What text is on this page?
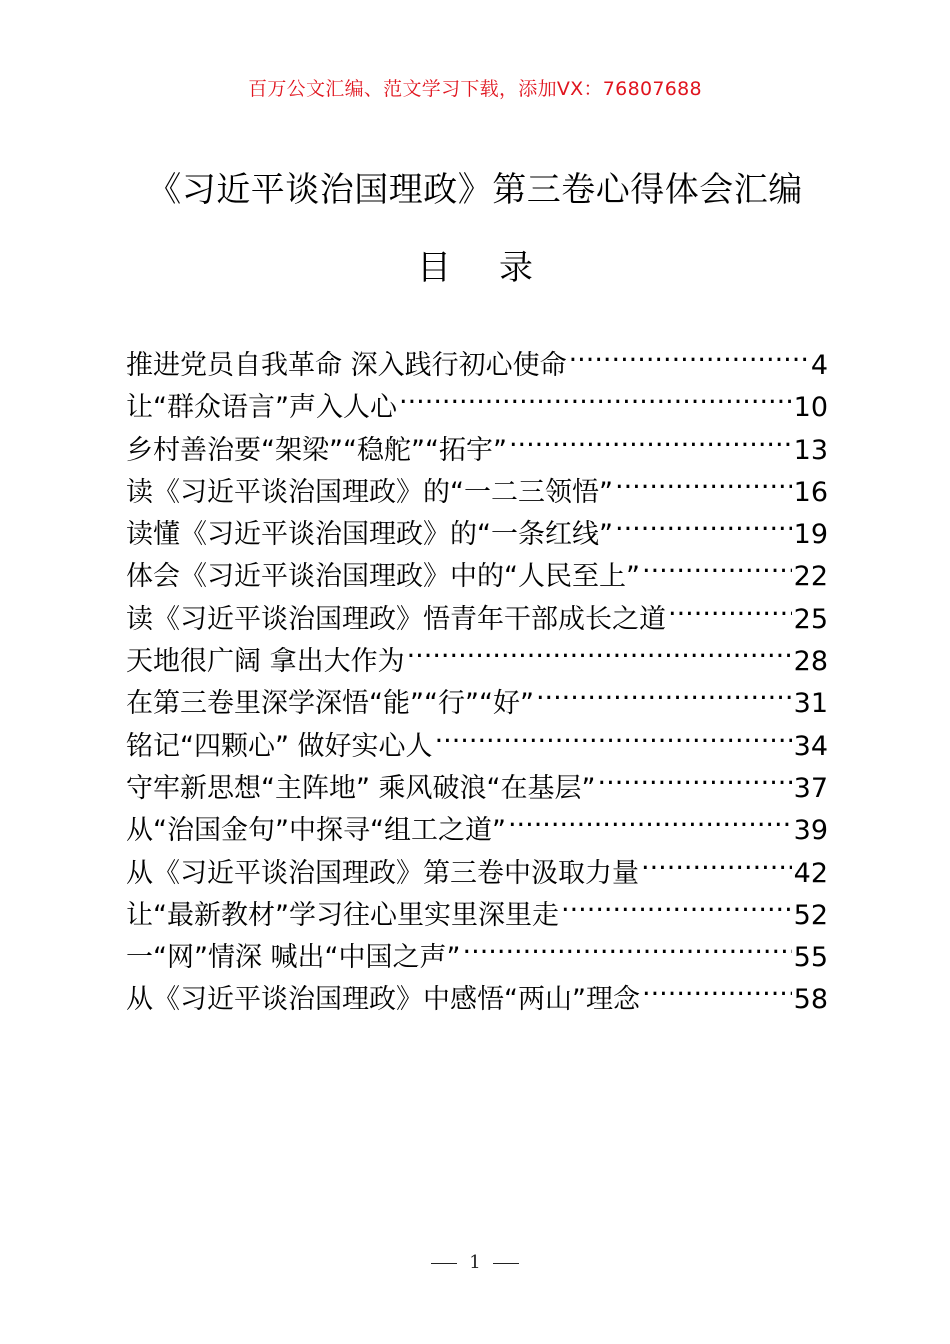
百万公文汇编、范文学习下载，添加VX：76807688
《习近平谈治国理政》第三卷心得体会汇编
目 录
推进党员自我革命 深入践行初心使命 .....	4
让“群众语言”声入人心 .....	10
乡村善治要“架梁”“稳舵”“拓宇” .....	13
读《习近平谈治国理政》的“一二三领悟” .....	16
读懂《习近平谈治国理政》的“一条红线” .....	19
体会《习近平谈治国理政》中的“人民至上” .....	22
读《习近平谈治国理政》悟青年干部成长之道 .....	25
天地很广阔 拿出大作为 .....	28
在第三卷里深学深悟“能”“行”“好” .....	31
铭记“四颗心” 做好实心人 .....	34
守牢新思想“主阵地” 乘风破浪“在基层” .....	37
从“治国金句”中探寻“组工之道” .....	39
从《习近平谈治国理政》第三卷中汲取力量 .....	42
让“最新教材”学习往心里实里深里走 .....	52
一“网”情深 喊出“中国之声” .....	55
从《习近平谈治国理政》中感悟“两山”理念 .....	58
1
